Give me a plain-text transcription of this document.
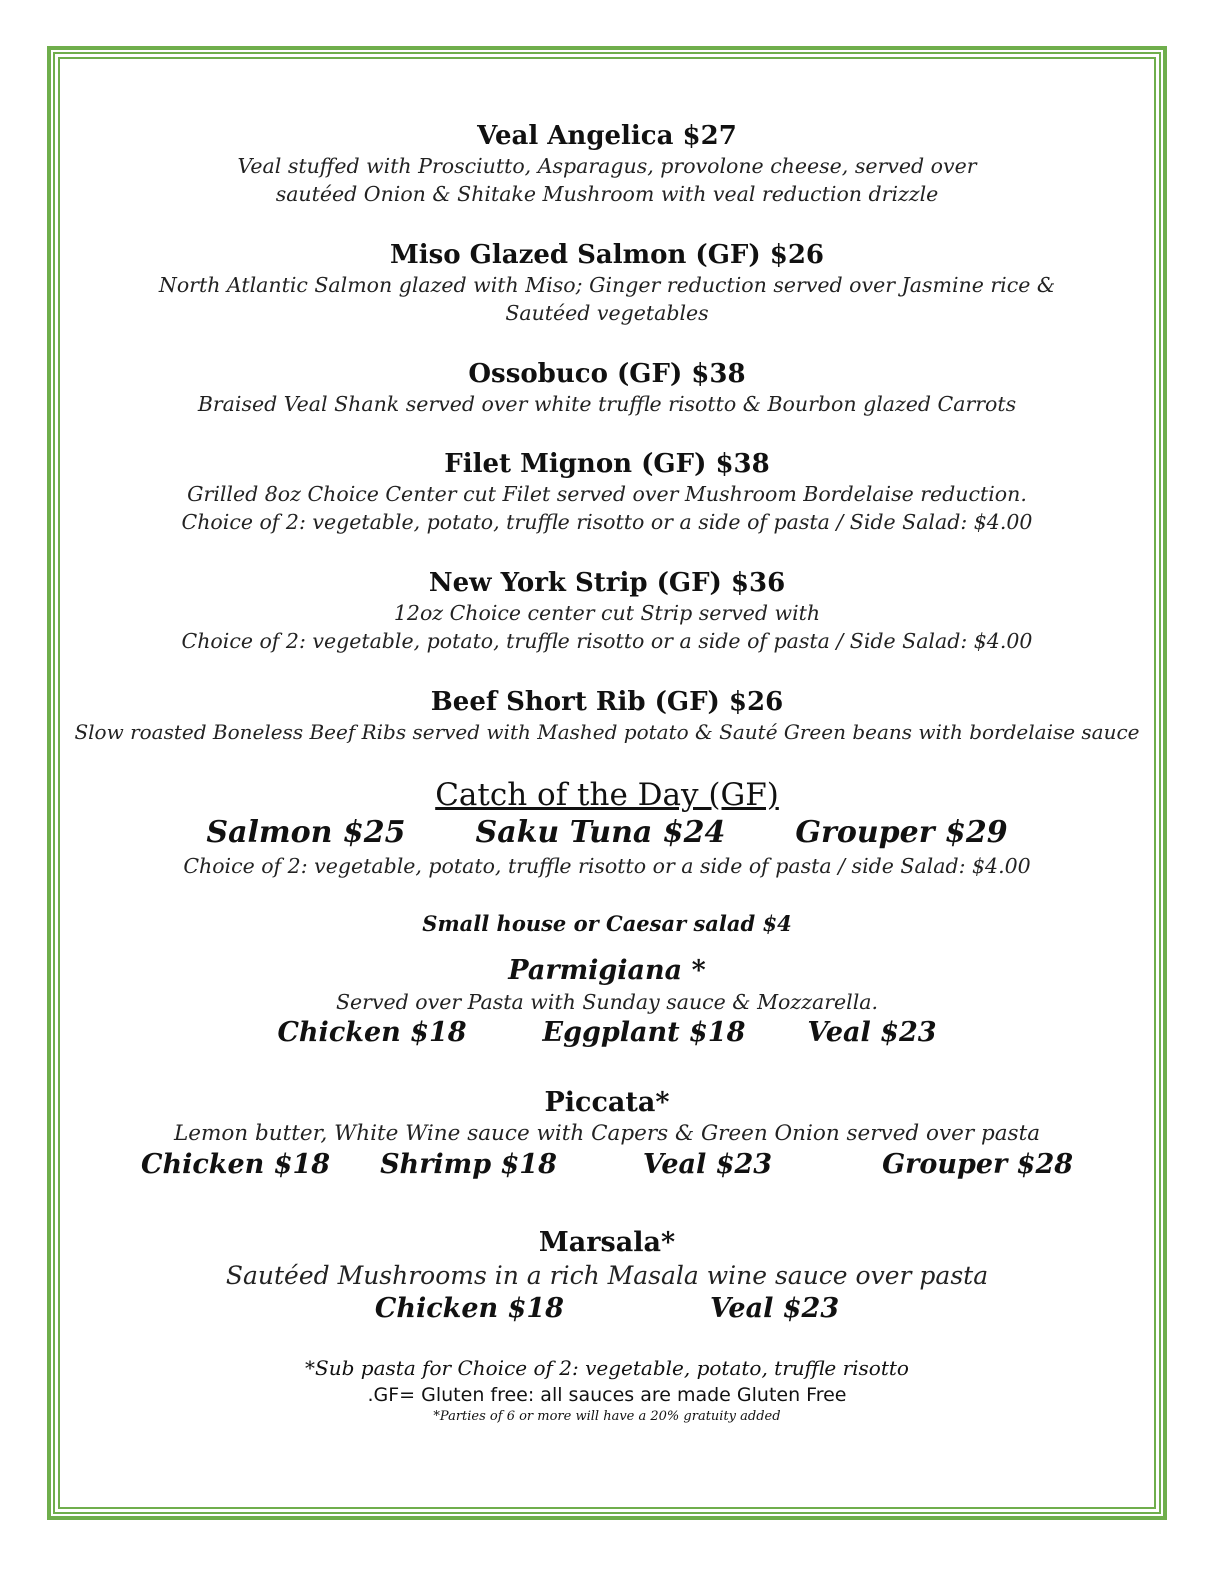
Veal Angelica $27

Veal stuffed with Prosciutto, Asparagus, provolone cheese, served over

sautéed Onion & Shitake Mushroom with veal reduction drizzle

Miso Glazed Salmon (GF) $26

North Atlantic Salmon glazed with Miso; Ginger reduction served over Jasmine rice &

Sautéed vegetables

Ossobuco (GF) $38

Braised Veal Shank served over white truffle risotto & Bourbon glazed Carrots

Filet Mignon (GF) $38

Grilled 8oz Choice Center cut Filet served over Mushroom Bordelaise reduction.

Choice of 2: vegetable, potato, truffle risotto or a side of pasta / Side Salad: $4.00

New York Strip (GF) $36

12oz Choice center cut Strip served with

Choice of 2: vegetable, potato, truffle risotto or a side of pasta / Side Salad: $4.00

Beef Short Rib (GF) $26

Slow roasted Boneless Beef Ribs served with Mashed potato & Sauté Green beans with bordelaise sauce

Catch of the Day (GF)

Salmon $25 Saku Tuna $24 Grouper $29

Choice of 2: vegetable, potato, truffle risotto or a side of pasta / side Salad: $4.00

Small house or Caesar salad $4

Parmigiana *

Served over Pasta with Sunday sauce & Mozzarella.

Chicken $18	Eggplant $18 Veal $23

Piccata*

Lemon butter, White Wine sauce with Capers & Green Onion served over pasta

Chicken $18 Shrimp $18	Veal $23	Grouper $28

Marsala*

Sautéed Mushrooms in a rich Masala wine sauce over pasta

Chicken $18	Veal $23

*Sub pasta for Choice of 2: vegetable, potato, truffle risotto

.GF= Gluten free: all sauces are made Gluten Free

*Parties of 6 or more will have a 20% gratuity added
